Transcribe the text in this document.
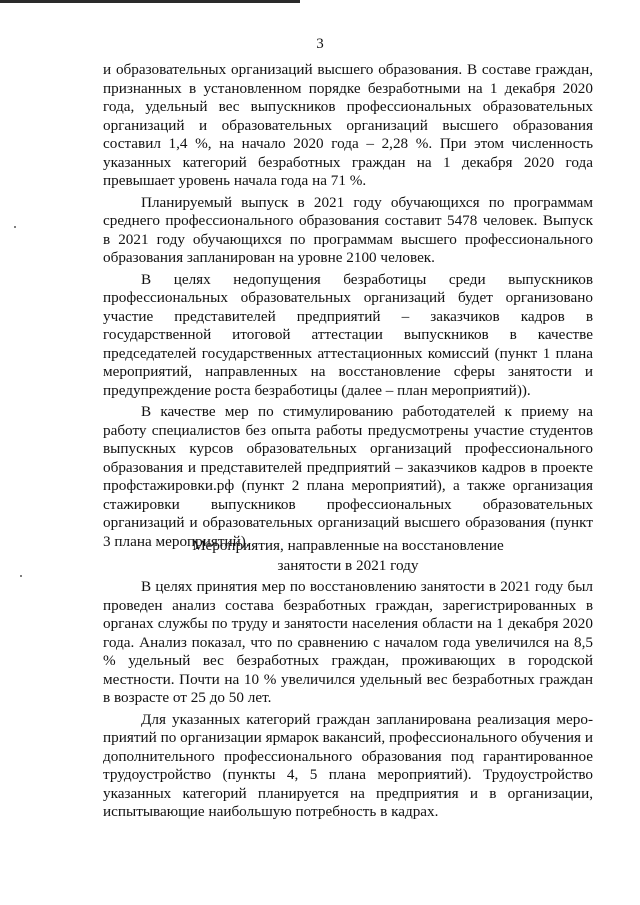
3

и образовательных организаций высшего образования. В составе граждан, признанных в установленном порядке безработными на 1 декабря 2020 года, удельный вес выпускников профессиональных образовательных организаций и образовательных организаций высшего образования составил 1,4 %, на начало 2020 года – 2,28 %. При этом численность указанных категорий безработных граждан на 1 декабря 2020 года превышает уровень начала года на 71 %.

Планируемый выпуск в 2021 году обучающихся по программам среднего профессионального образования составит 5478 человек. Выпуск в 2021 году обучающихся по программам высшего профессионального образования запланирован на уровне 2100 человек.

В целях недопущения безработицы среди выпускников профессиональных образовательных организаций будет организовано участие представителей предприятий – заказчиков кадров в государственной итоговой аттестации выпускников в качестве председателей государственных аттестационных комиссий (пункт 1 плана мероприятий, направленных на восстановление сферы занятости и предупреждение роста безработицы (далее – план мероприятий)).

В качестве мер по стимулированию работодателей к приему на работу специалистов без опыта работы предусмотрены участие студентов выпускных курсов образовательных организаций профессионального образования и представителей предприятий – заказчиков кадров в проекте профстажировки.рф (пункт 2 плана мероприятий), а также организация стажировки выпускников профессиональных образовательных организаций и образовательных организаций высшего образования (пункт 3 плана мероприятий).

Мероприятия, направленные на восстановление
занятости в 2021 году

В целях принятия мер по восстановлению занятости в 2021 году был проведен анализ состава безработных граждан, зарегистрированных в органах службы по труду и занятости населения области на 1 декабря 2020 года. Анализ показал, что по сравнению с началом года увеличился на 8,5 % удельный вес безработных граждан, проживающих в городской местности. Почти на 10 % увеличился удельный вес безработных граждан в возрасте от 25 до 50 лет.

Для указанных категорий граждан запланирована реализация мероприятий по организации ярмарок вакансий, профессионального обучения и дополнительного профессионального образования под гарантированное трудоустройство (пункты 4, 5 плана мероприятий). Трудоустройство указанных категорий планируется на предприятия и в организации, испытывающие наибольшую потребность в кадрах.
